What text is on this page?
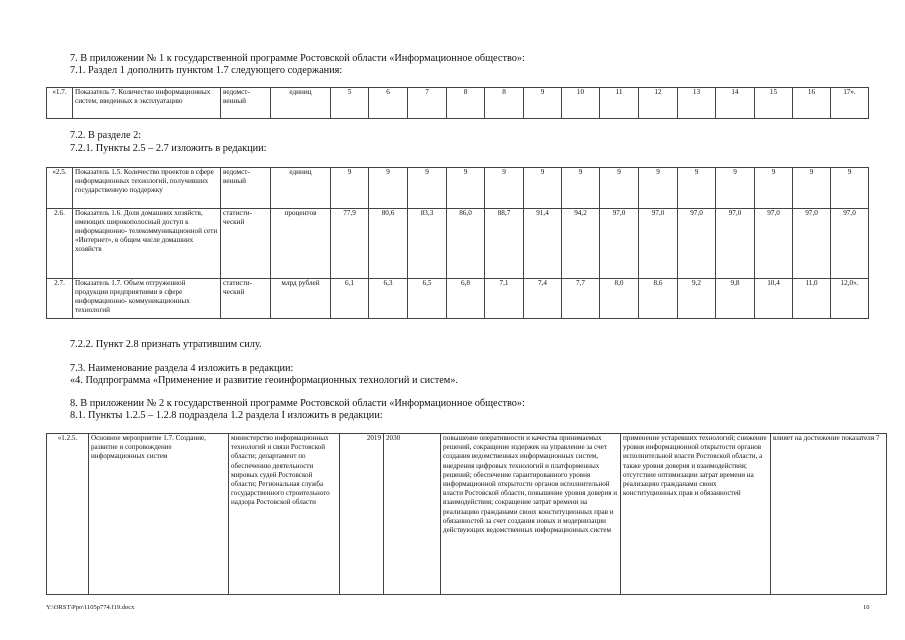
7. В приложении № 1 к государственной программе Ростовской области «Информационное общество»:
7.1. Раздел 1 дополнить пунктом 1.7 следующего содержания:
«1.7.	Показатель 7. Количество информационных систем, введенных в эксплуатацию	ведомст- венный	единиц	5	6	7	8	8	9	10	11	12	13	14	15	16	17».
7.2. В разделе 2:
7.2.1. Пункты 2.5 – 2.7 изложить в редакции:
«2.5.	Показатель 1.5. Количество проектов в сфере информационных технологий, получивших государственную поддержку	ведомст- венный	единиц	9	9	9	9	9	9	9	9	9	9	9	9	9	9
2.6.	Показатель 1.6. Доля домашних хозяйств, имеющих широкополосный доступ к информационно- телекоммуникационной сети «Интернет», в общем числе домашних хозяйств	статисти- ческий	процентов	77,9	80,6	83,3	86,0	88,7	91,4	94,2	97,0	97,0	97,0	97,0	97,0	97,0	97,0
2.7.	Показатель 1.7. Объем отгруженной продукции предприятиями в сфере информационно- коммуникационных технологий	статисти- ческий	млрд рублей	6,1	6,3	6,5	6,8	7,1	7,4	7,7	8,0	8,6	9,2	9,8	10,4	11,0	12,0».
7.2.2. Пункт 2.8 признать утратившим силу.
7.3. Наименование раздела 4 изложить в редакции:
«4. Подпрограмма «Применение и развитие геоинформационных технологий и систем».
8. В приложении № 2 к государственной программе Ростовской области «Информационное общество»:
8.1. Пункты 1.2.5 – 1.2.8 подраздела 1.2 раздела I изложить в редакции:
«1.2.5.	Основное мероприятие 1.7. Создание, развитие и сопровождение информационных систем	министерство информационных технологий и связи Ростовской области; департамент по обеспечению деятельности мировых судей Ростовской области; Региональная служба государственного строительного надзора Ростовской области	2019	2030	повышение оперативности и качества принимаемых решений, сокращение издержек на управление за счет создания ведомственных информационных систем, внедрения цифровых технологий и платформенных решений; обеспечение гарантированного уровня информационной открытости органов исполнительной власти Ростовской области, повышение уровня доверия и взаимодействия; сокращение затрат времени на реализацию гражданами своих конституционных прав и обязанностей за счет создания новых и модернизации действующих ведомственных информационных систем	применение устаревших технологий; снижение уровня информационной открытости органов исполнительной власти Ростовской области, а также уровня доверия и взаимодействия; отсутствие оптимизации затрат времени на реализацию гражданами своих конституционных прав и обязанностей	влияет на достижение показателя 7
Y:\ORST\Ppo\1105p774.f19.docx	10
